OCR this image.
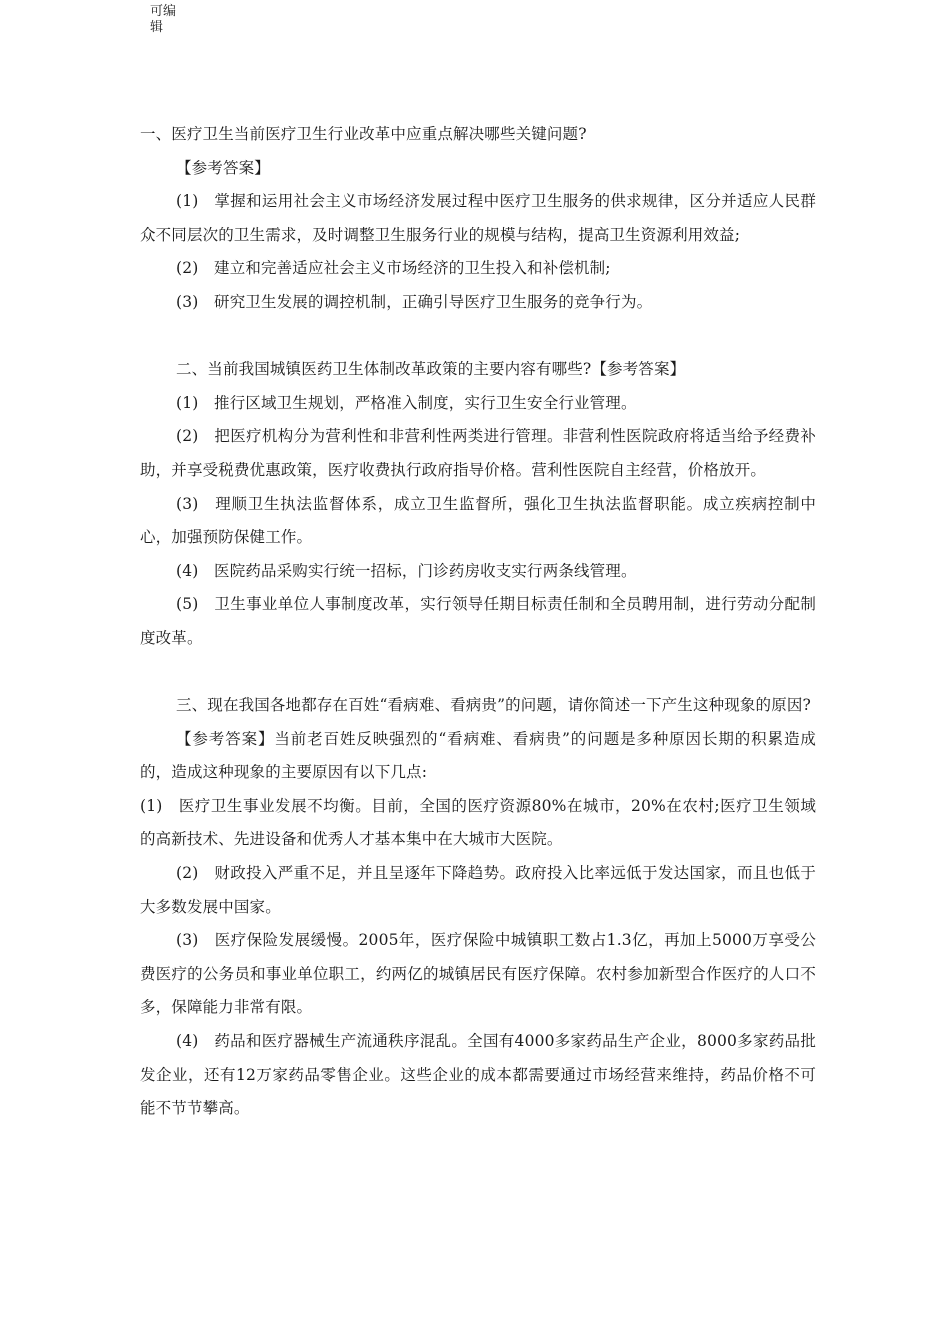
可编辑

一、医疗卫生当前医疗卫生行业改革中应重点解决哪些关键问题?

【参考答案】

(1)　掌握和运用社会主义市场经济发展过程中医疗卫生服务的供求规律，区分并适应人民群众不同层次的卫生需求，及时调整卫生服务行业的规模与结构，提高卫生资源利用效益;

(2)　建立和完善适应社会主义市场经济的卫生投入和补偿机制;

(3)　研究卫生发展的调控机制，正确引导医疗卫生服务的竞争行为。

二、当前我国城镇医药卫生体制改革政策的主要内容有哪些?【参考答案】

(1)　推行区域卫生规划，严格准入制度，实行卫生安全行业管理。

(2)　把医疗机构分为营利性和非营利性两类进行管理。非营利性医院政府将适当给予经费补助，并享受税费优惠政策，医疗收费执行政府指导价格。营利性医院自主经营，价格放开。

(3)　理顺卫生执法监督体系，成立卫生监督所，强化卫生执法监督职能。成立疾病控制中心，加强预防保健工作。

(4)　医院药品采购实行统一招标，门诊药房收支实行两条线管理。

(5)　卫生事业单位人事制度改革，实行领导任期目标责任制和全员聘用制，进行劳动分配制度改革。

三、现在我国各地都存在百姓“看病难、看病贵”的问题，请你简述一下产生这种现象的原因?

【参考答案】当前老百姓反映强烈的“看病难、看病贵”的问题是多种原因长期的积累造成的，造成这种现象的主要原因有以下几点:

(1)　医疗卫生事业发展不均衡。目前，全国的医疗资源80%在城市，20%在农村;医疗卫生领域的高新技术、先进设备和优秀人才基本集中在大城市大医院。

(2)　财政投入严重不足，并且呈逐年下降趋势。政府投入比率远低于发达国家，而且也低于大多数发展中国家。

(3)　医疗保险发展缓慢。2005年，医疗保险中城镇职工数占1.3亿，再加上5000万享受公费医疗的公务员和事业单位职工，约两亿的城镇居民有医疗保障。农村参加新型合作医疗的人口不多，保障能力非常有限。

(4)　药品和医疗器械生产流通秩序混乱。全国有4000多家药品生产企业，8000多家药品批发企业，还有12万家药品零售企业。这些企业的成本都需要通过市场经营来维持，药品价格不可能不节节攀高。
